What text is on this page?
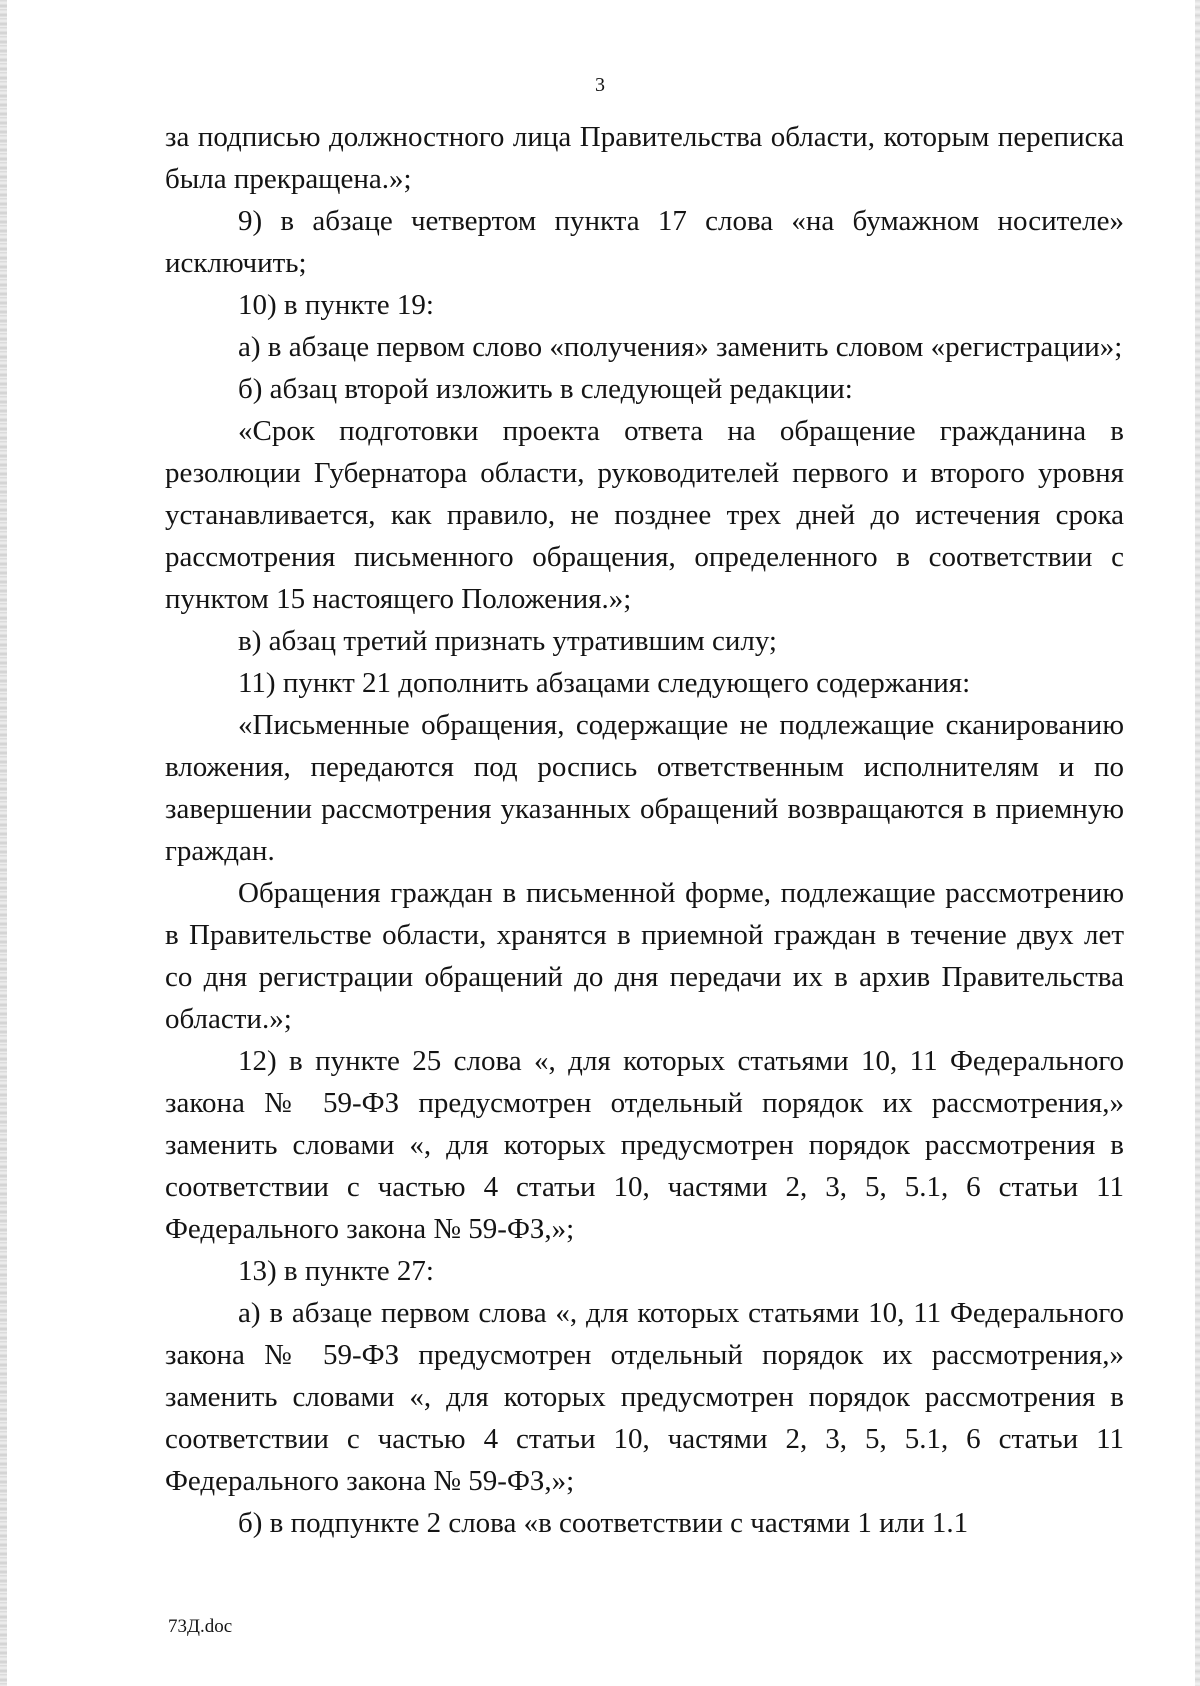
3

за подписью должностного лица Правительства области, которым переписка была прекращена.»;

9) в абзаце четвертом пункта 17 слова «на бумажном носителе» исключить;

10) в пункте 19:

а) в абзаце первом слово «получения» заменить словом «регистрации»;

б) абзац второй изложить в следующей редакции:

«Срок подготовки проекта ответа на обращение гражданина в резолюции Губернатора области, руководителей первого и второго уровня устанавливается, как правило, не позднее трех дней до истечения срока рассмотрения письменного обращения, определенного в соответствии с пунктом 15 настоящего Положения.»;

в) абзац третий признать утратившим силу;

11) пункт 21 дополнить абзацами следующего содержания:

«Письменные обращения, содержащие не подлежащие сканированию вложения, передаются под роспись ответственным исполнителям и по завершении рассмотрения указанных обращений возвращаются в приемную граждан.

Обращения граждан в письменной форме, подлежащие рассмотрению в Правительстве области, хранятся в приемной граждан в течение двух лет со дня регистрации обращений до дня передачи их в архив Правительства области.»;

12) в пункте 25 слова «, для которых статьями 10, 11 Федерального закона № 59-ФЗ предусмотрен отдельный порядок их рассмотрения,» заменить словами «, для которых предусмотрен порядок рассмотрения в соответствии с частью 4 статьи 10, частями 2, 3, 5, 5.1, 6 статьи 11 Федерального закона № 59-ФЗ,»;

13) в пункте 27:

а) в абзаце первом слова «, для которых статьями 10, 11 Федерального закона № 59-ФЗ предусмотрен отдельный порядок их рассмотрения,» заменить словами «, для которых предусмотрен порядок рассмотрения в соответствии с частью 4 статьи 10, частями 2, 3, 5, 5.1, 6 статьи 11 Федерального закона № 59-ФЗ,»;

б) в подпункте 2 слова «в соответствии с частями 1 или 1.1

73Д.doc
